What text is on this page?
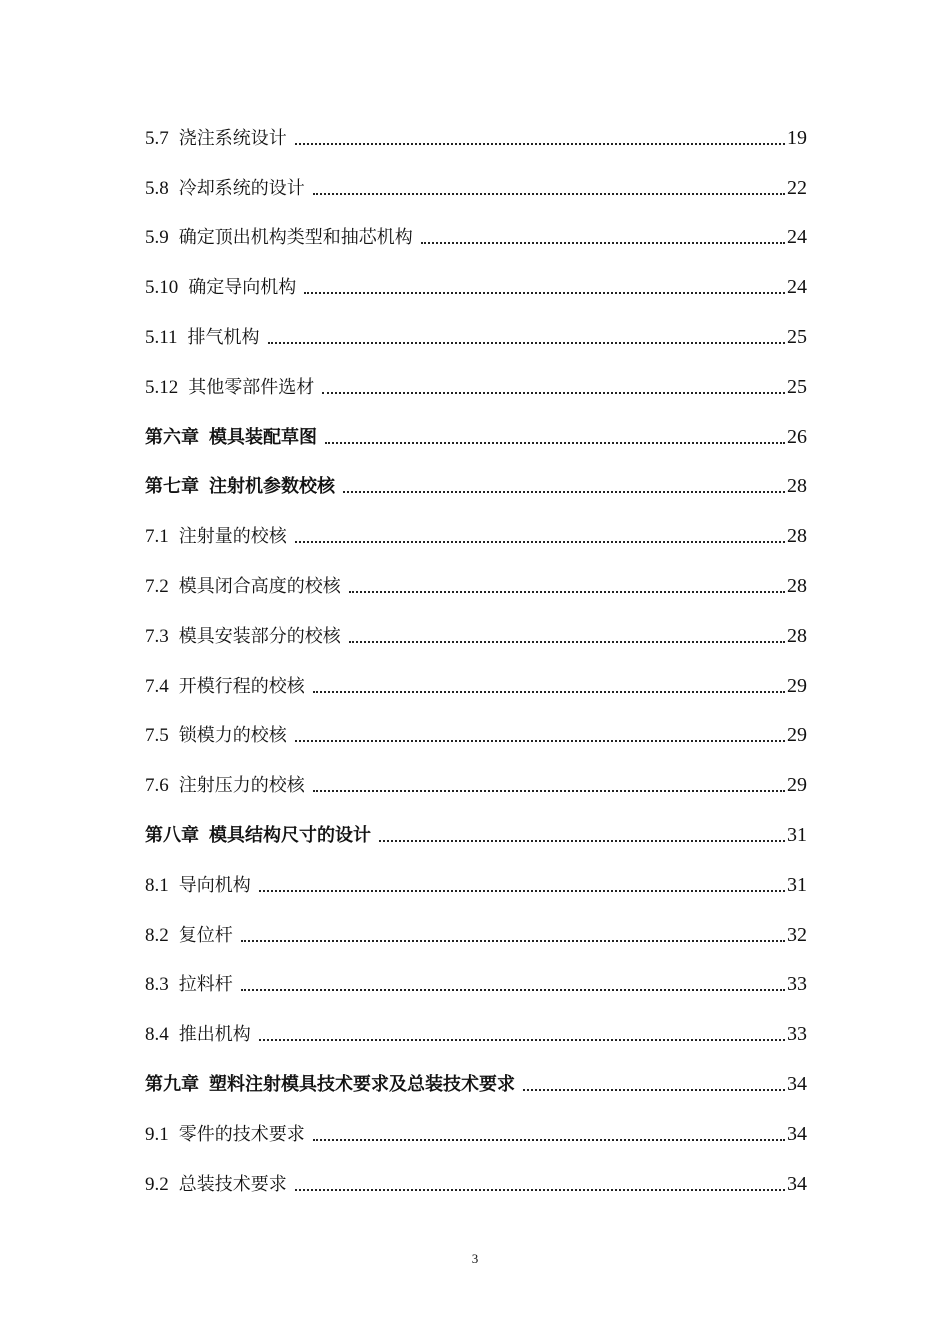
5.7 浇注系统设计	19
5.8 冷却系统的设计	22
5.9 确定顶出机构类型和抽芯机构	24
5.10 确定导向机构	24
5.11 排气机构	25
5.12 其他零部件选材	25
第六章 模具装配草图	26
第七章 注射机参数校核	28
7.1 注射量的校核	28
7.2 模具闭合高度的校核	28
7.3 模具安装部分的校核	28
7.4 开模行程的校核	29
7.5 锁模力的校核	29
7.6 注射压力的校核	29
第八章 模具结构尺寸的设计	31
8.1 导向机构	31
8.2 复位杆	32
8.3 拉料杆	33
8.4 推出机构	33
第九章 塑料注射模具技术要求及总装技术要求	34
9.1 零件的技术要求	34
9.2 总装技术要求	34
3
